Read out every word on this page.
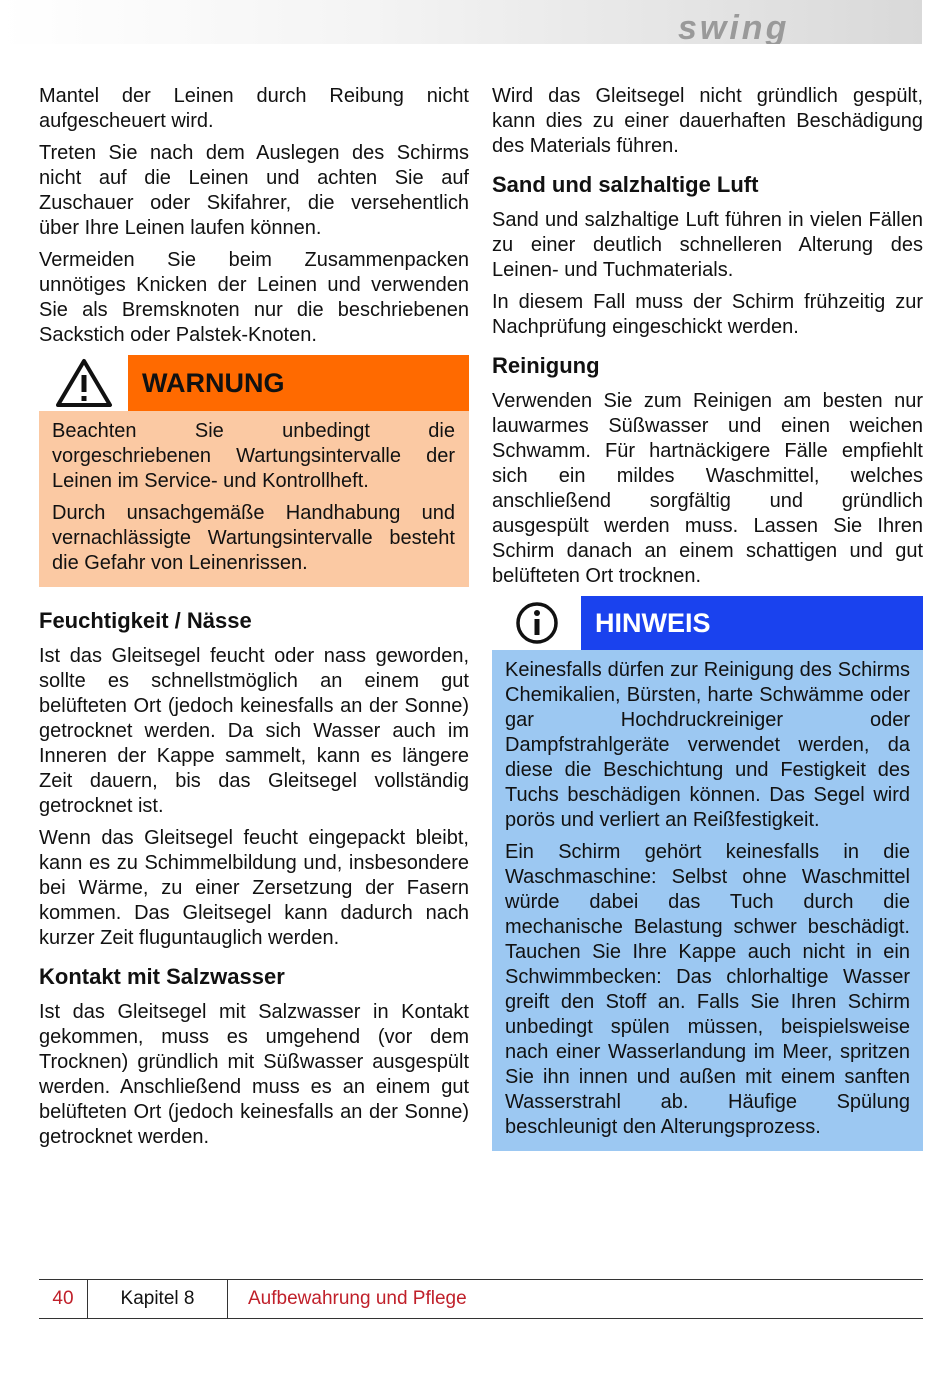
swing

Mantel der Leinen durch Reibung nicht aufgescheuert wird.

Treten Sie nach dem Auslegen des Schirms nicht auf die Leinen und achten Sie auf Zuschauer oder Skifahrer, die versehentlich über Ihre Leinen laufen können.

Vermeiden Sie beim Zusammenpacken unnötiges Knicken der Leinen und verwenden Sie als Bremsknoten nur die beschriebenen Sackstich oder Palstek-Knoten.

WARNUNG

Beachten Sie unbedingt die vorgeschriebenen Wartungsintervalle der Leinen im Service- und Kontrollheft.

Durch unsachgemäße Handhabung und vernachlässigte Wartungsintervalle besteht die Gefahr von Leinenrissen.

Feuchtigkeit / Nässe

Ist das Gleitsegel feucht oder nass geworden, sollte es schnellstmöglich an einem gut belüfteten Ort (jedoch keinesfalls an der Sonne) getrocknet werden. Da sich Wasser auch im Inneren der Kappe sammelt, kann es längere Zeit dauern, bis das Gleitsegel vollständig getrocknet ist.

Wenn das Gleitsegel feucht eingepackt bleibt, kann es zu Schimmelbildung und, insbesondere bei Wärme, zu einer Zersetzung der Fasern kommen. Das Gleitsegel kann dadurch nach kurzer Zeit fluguntauglich werden.

Kontakt mit Salzwasser

Ist das Gleitsegel mit Salzwasser in Kontakt gekommen, muss es umgehend (vor dem Trocknen) gründlich mit Süßwasser ausgespült werden. Anschließend muss es an einem gut belüfteten Ort (jedoch keinesfalls an der Sonne) getrocknet werden.

Wird das Gleitsegel nicht gründlich gespült, kann dies zu einer dauerhaften Beschädigung des Materials führen.

Sand und salzhaltige Luft

Sand und salzhaltige Luft führen in vielen Fällen zu einer deutlich schnelleren Alterung des Leinen- und Tuchmaterials.

In diesem Fall muss der Schirm frühzeitig zur Nachprüfung eingeschickt werden.

Reinigung

Verwenden Sie zum Reinigen am besten nur lauwarmes Süßwasser und einen weichen Schwamm. Für hartnäckigere Fälle empfiehlt sich ein mildes Waschmittel, welches anschließend sorgfältig und gründlich ausgespült werden muss. Lassen Sie Ihren Schirm danach an einem schattigen und gut belüfteten Ort trocknen.

HINWEIS

Keinesfalls dürfen zur Reinigung des Schirms Chemikalien, Bürsten, harte Schwämme oder gar Hochdruckreiniger oder Dampfstrahlgeräte verwendet werden, da diese die Beschichtung und Festigkeit des Tuchs beschädigen können. Das Segel wird porös und verliert an Reißfestigkeit.

Ein Schirm gehört keinesfalls in die Waschmaschine: Selbst ohne Waschmittel würde dabei das Tuch durch die mechanische Belastung schwer beschädigt. Tauchen Sie Ihre Kappe auch nicht in ein Schwimmbecken: Das chlorhaltige Wasser greift den Stoff an. Falls Sie Ihren Schirm unbedingt spülen müssen, beispielsweise nach einer Wasserlandung im Meer, spritzen Sie ihn innen und außen mit einem sanften Wasserstrahl ab. Häufige Spülung beschleunigt den Alterungsprozess.

40	Kapitel 8	Aufbewahrung und Pflege
